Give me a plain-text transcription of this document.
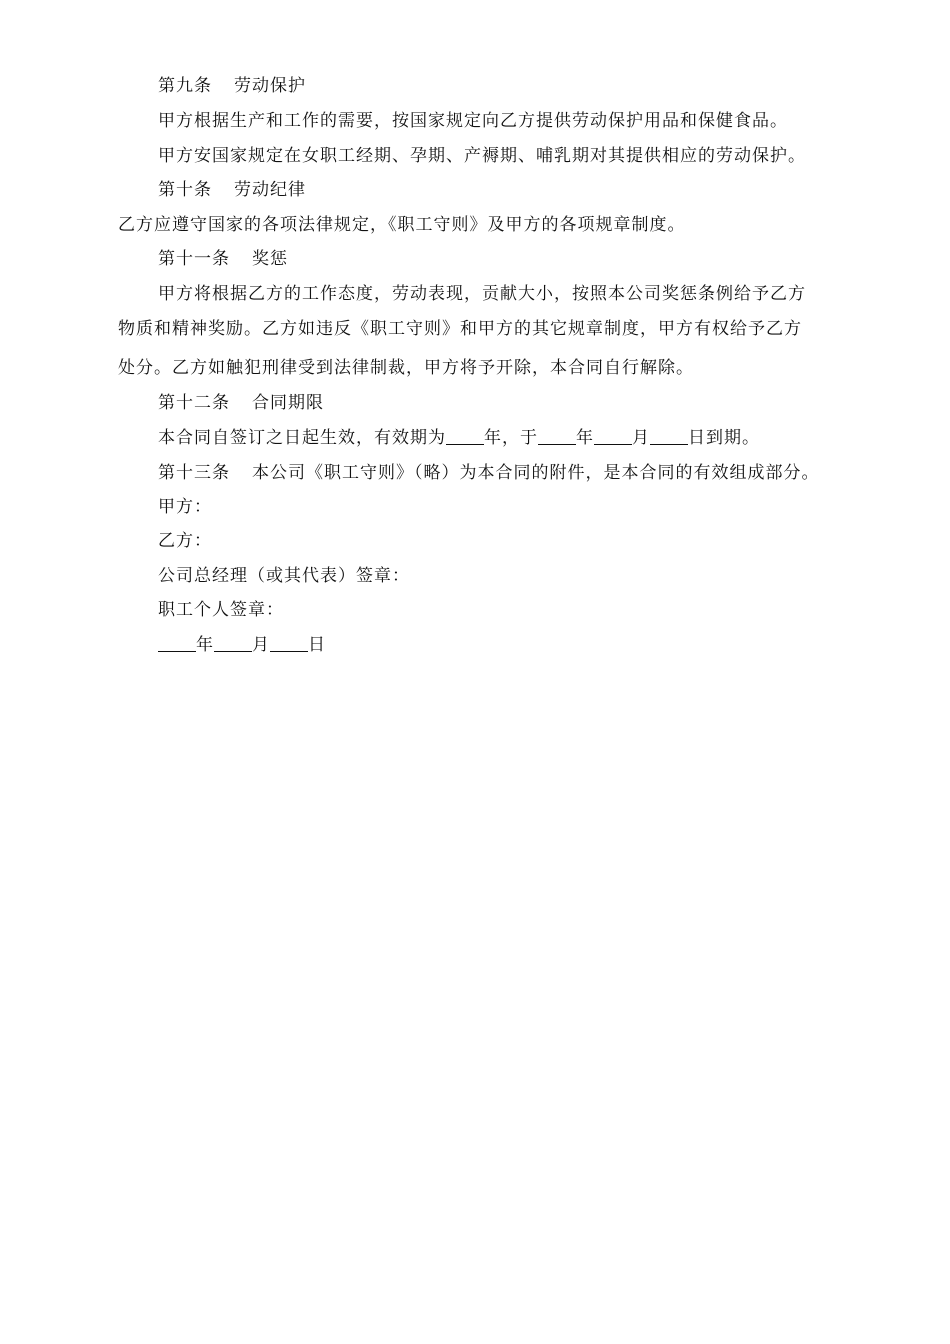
第九条 劳动保护
甲方根据生产和工作的需要，按国家规定向乙方提供劳动保护用品和保健食品。
甲方安国家规定在女职工经期、孕期、产褥期、哺乳期对其提供相应的劳动保护。
第十条 劳动纪律
乙方应遵守国家的各项法律规定，《职工守则》及甲方的各项规章制度。
第十一条 奖惩
甲方将根据乙方的工作态度，劳动表现，贡献大小，按照本公司奖惩条例给予乙方
物质和精神奖励。乙方如违反《职工守则》和甲方的其它规章制度，甲方有权给予乙方
处分。乙方如触犯刑律受到法律制裁，甲方将予开除，本合同自行解除。
第十二条 合同期限
本合同自签订之日起生效，有效期为 年，于 年 月 日到期。
第十三条 本公司《职工守则》（略）为本合同的附件，是本合同的有效组成部分。
甲方：
乙方：
公司总经理（或其代表）签章：
职工个人签章：
年 月 日
